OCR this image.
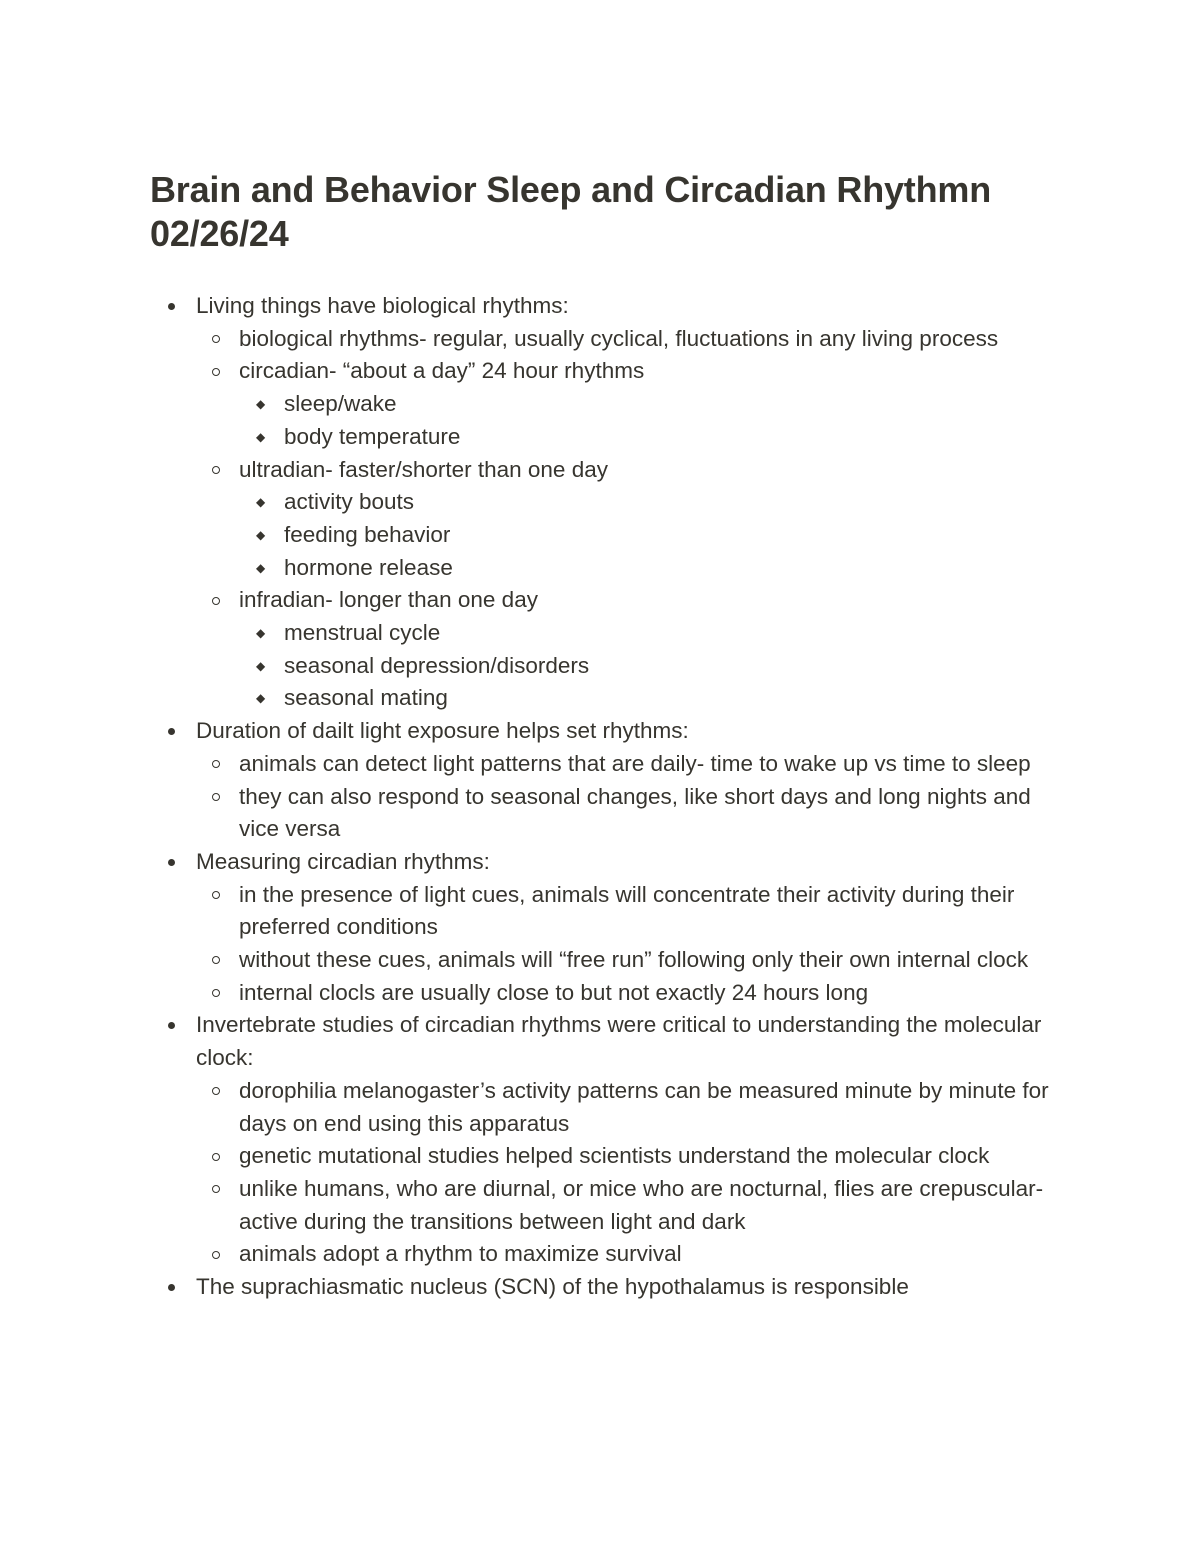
Brain and Behavior Sleep and Circadian Rhythmn 02/26/24
Living things have biological rhythms:
biological rhythms- regular, usually cyclical, fluctuations in any living process
circadian- “about a day” 24 hour rhythms
◆ sleep/wake
◆ body temperature
ultradian- faster/shorter than one day
◆ activity bouts
◆ feeding behavior
◆ hormone release
infradian- longer than one day
◆ menstrual cycle
◆ seasonal depression/disorders
◆ seasonal mating
Duration of dailt light exposure helps set rhythms:
animals can detect light patterns that are daily- time to wake up vs time to sleep
they can also respond to seasonal changes, like short days and long nights and vice versa
Measuring circadian rhythms:
in the presence of light cues, animals will concentrate their activity during their preferred conditions
without these cues, animals will “free run” following only their own internal clock
internal clocls are usually close to but not exactly 24 hours long
Invertebrate studies of circadian rhythms were critical to understanding the molecular clock:
dorophilia melanogaster’s activity patterns can be measured minute by minute for days on end using this apparatus
genetic mutational studies helped scientists understand the molecular clock
unlike humans, who are diurnal, or mice who are nocturnal, flies are crepuscular- active during the transitions between light and dark
animals adopt a rhythm to maximize survival
The suprachiasmatic nucleus (SCN) of the hypothalamus is responsible
